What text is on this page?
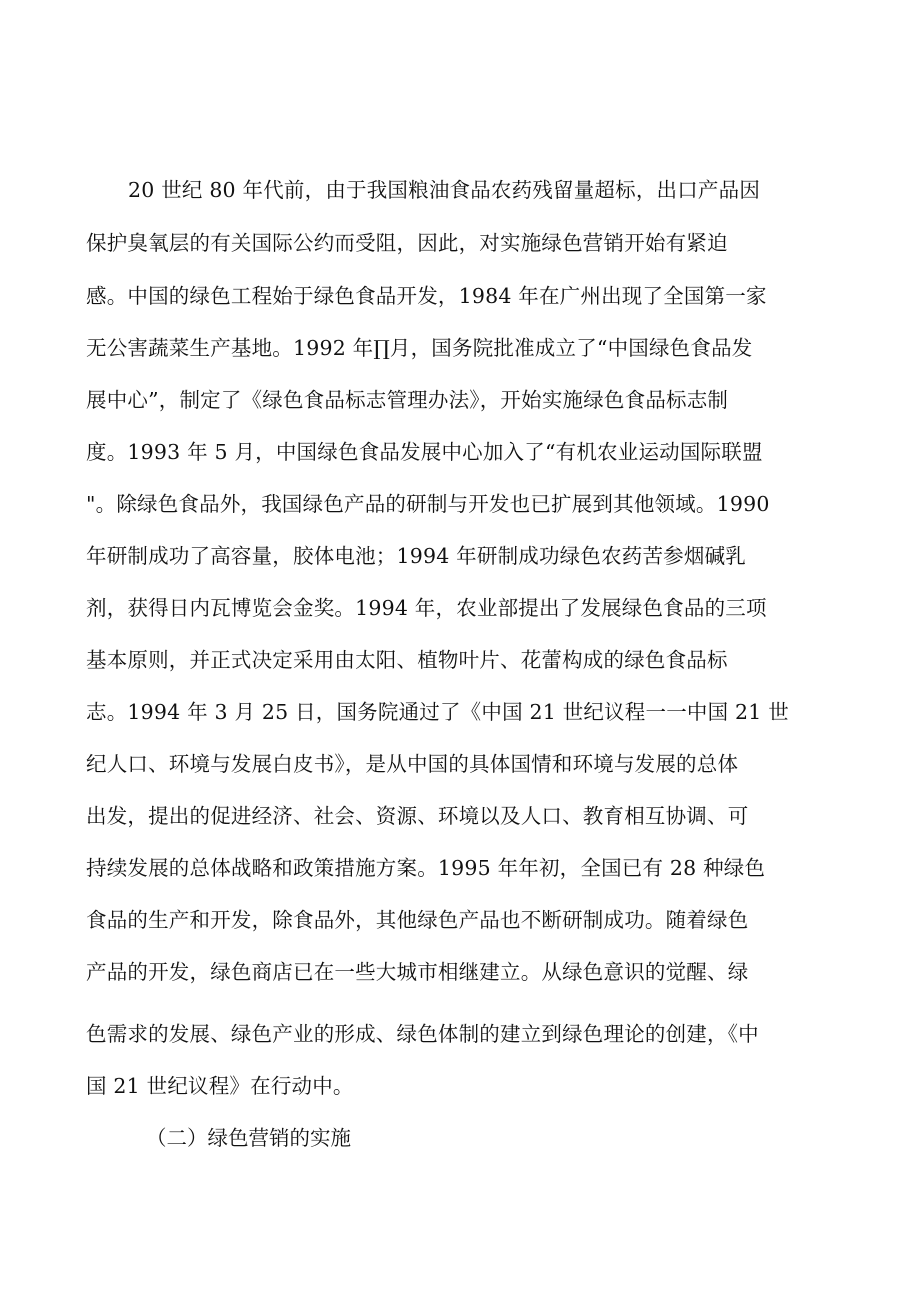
20 世纪 80 年代前，由于我国粮油食品农药残留量超标，出口产品因
保护臭氧层的有关国际公约而受阻，因此，对实施绿色营销开始有紧迫
感。中国的绿色工程始于绿色食品开发，1984 年在广州出现了全国第一家
无公害蔬菜生产基地。1992 年∏月，国务院批准成立了“中国绿色食品发
展中心”，制定了《绿色食品标志管理办法》，开始实施绿色食品标志制
度。1993 年 5 月，中国绿色食品发展中心加入了“有机农业运动国际联盟
"。除绿色食品外，我国绿色产品的研制与开发也已扩展到其他领域。1990
年研制成功了高容量，胶体电池；1994 年研制成功绿色农药苦参烟碱乳
剂，获得日内瓦博览会金奖。1994 年，农业部提出了发展绿色食品的三项
基本原则，并正式决定采用由太阳、植物叶片、花蕾构成的绿色食品标
志。1994 年 3 月 25 日，国务院通过了《中国 21 世纪议程一一中国 21 世
纪人口、环境与发展白皮书》，是从中国的具体国情和环境与发展的总体
出发，提出的促进经济、社会、资源、环境以及人口、教育相互协调、可
持续发展的总体战略和政策措施方案。1995 年年初，全国已有 28 种绿色
食品的生产和开发，除食品外，其他绿色产品也不断研制成功。随着绿色
产品的开发，绿色商店已在一些大城市相继建立。从绿色意识的觉醒、绿
色需求的发展、绿色产业的形成、绿色体制的建立到绿色理论的创建，《中
国 21 世纪议程》在行动中。
（二）绿色营销的实施
